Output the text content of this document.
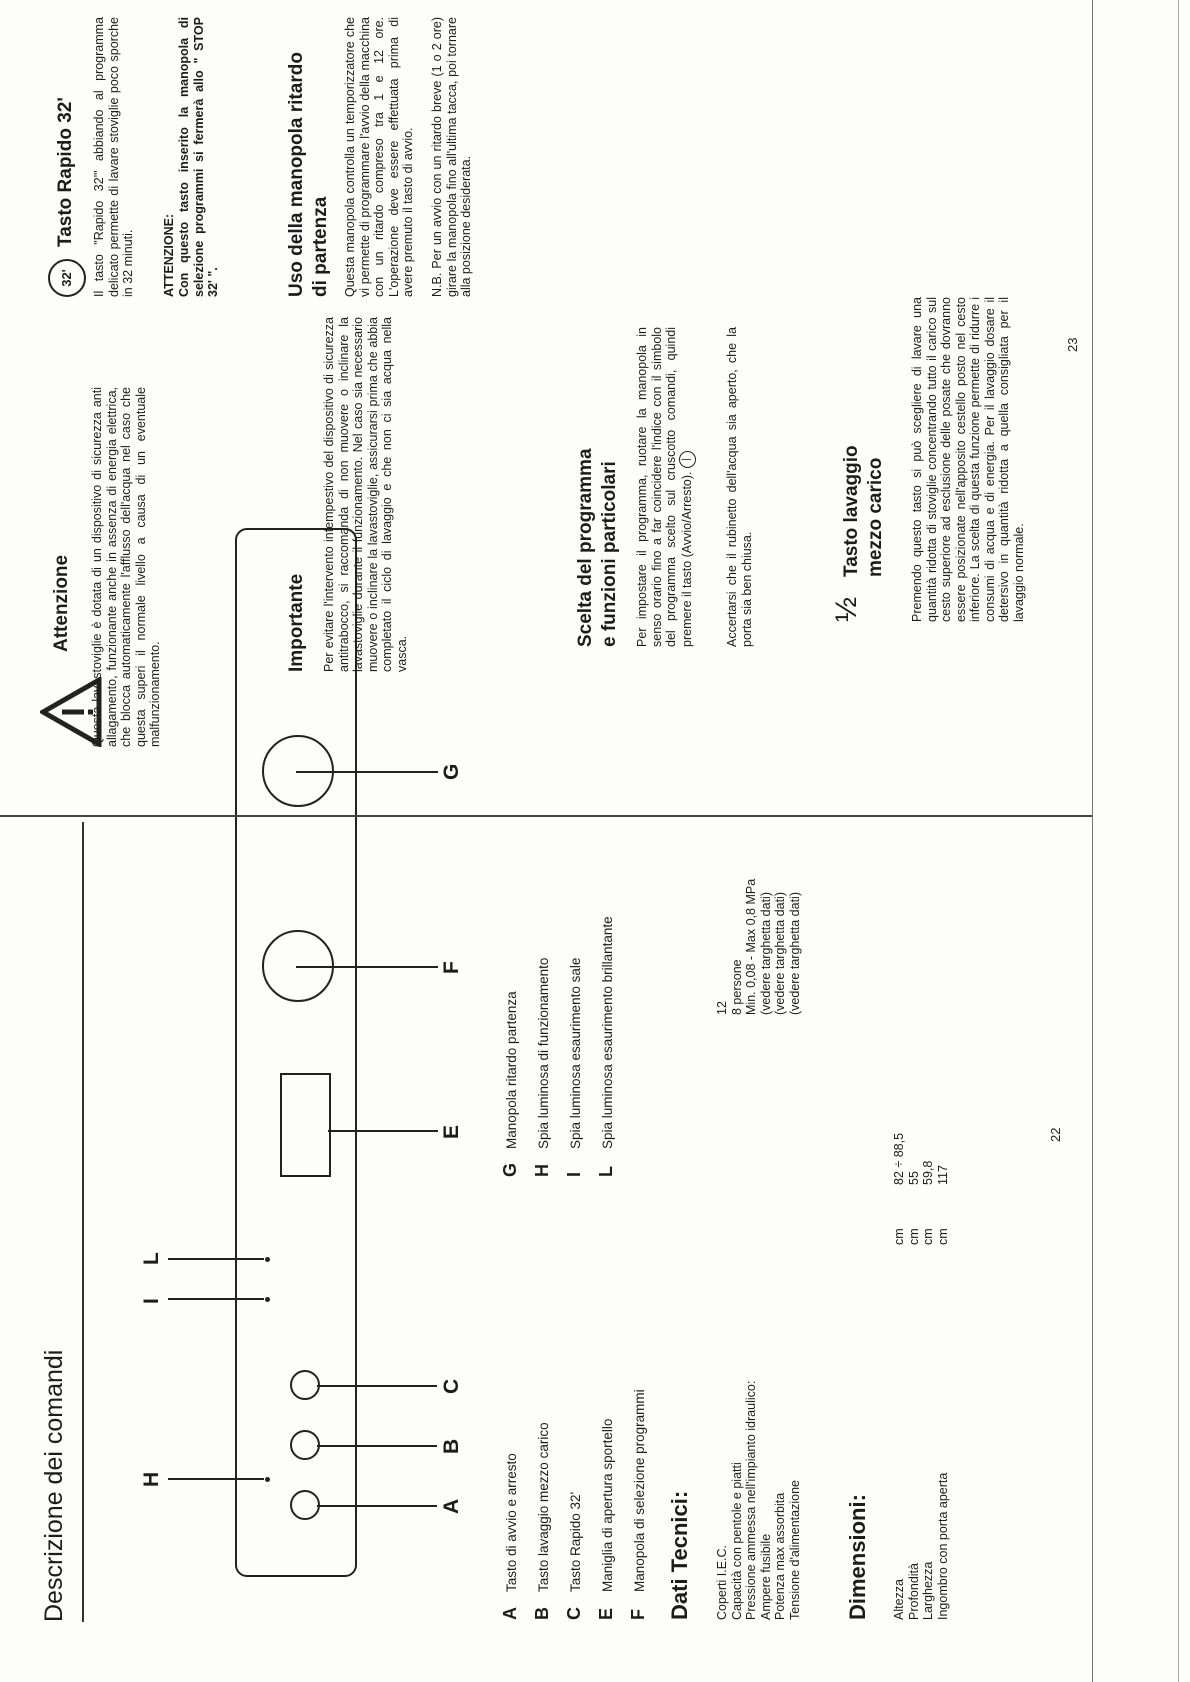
Descrizione dei comandi	H
I
L
A
B
C
E
F
G
ATasto di avvio e arresto
BTasto lavaggio mezzo carico
CTasto Rapido 32'
EManiglia di apertura sportello
FManopola di selezione programmi
GManopola ritardo partenza
HSpia luminosa di funzionamento
ISpia luminosa esaurimento sale
LSpia luminosa esaurimento brillantante
Dati Tecnici: Coperti I.E.C.	12
Capacità con pentole e piatti	8 persone
Pressione ammessa nell'impianto idraulico:	Min. 0,08 - Max 0,8 MPa
Ampere fusibile	(vedere targhetta dati)
Potenza max assorbita	(vedere targhetta dati)
Tensione d'alimentazione	(vedere targhetta dati)
Dimensioni: Altezza	cm	82 ÷ 88,5
Profondità	cm	55
Larghezza	cm	59,8
Ingombro con porta aperta	cm	117
22
Attenzione Questa lavastoviglie è dotata di un dispositivo di sicurezza anti allagamento, funzionante anche in assenza di energia elettrica, che blocca automaticamente l'afflusso dell'acqua nel caso che questa superi il normale livello a causa di un eventuale malfunzionamento.

Importante Per evitare l'intervento intempestivo del dispositivo di sicurezza antitrabocco, si raccomanda di non muovere o inclinare la lavastoviglie durante il funzionamento. Nel caso sia necessario muovere o inclinare la lavastoviglie, assicurarsi prima che abbia completato il ciclo di lavaggio e che non ci sia acqua nella vasca.

Scelta del programma e funzioni particolari Per impostare il programma, ruotare la manopola in senso orario fino a far coincidere l'indice con il simbolo del programma scelto sul cruscotto comandi, quindi premere il tasto (Avvio/Arresto). |	Accertarsi che il rubinetto dell'acqua sia aperto, che la porta sia ben chiusa.	½
Tasto lavaggio mezzo carico Premendo questo tasto si può scegliere di lavare una quantità ridotta di stoviglie concentrando tutto il carico sul cesto superiore ad esclusione delle posate che dovranno essere posizionate nell'apposito cestello posto nel cesto inferiore. La scelta di questa funzione permette di ridurre i consumi di acqua e di energia. Per il lavaggio dosare il detersivo in quantità ridotta a quella consigliata per il lavaggio normale.

32'
Tasto Rapido 32' Il tasto "Rapido 32'" abbiando al programma delicato permette di lavare stoviglie poco sporche in 32 minuti. ATTENZIONE: Con questo tasto inserito la manopola di selezione programmi si fermerà allo " STOP 32' ".	Uso della manopola ritardo di partenza Questa manopola controlla un temporizzatore che vi permette di programmare l'avvio della macchina con un ritardo compreso tra 1 e 12 ore. L'operazione deve essere effettuata prima di avere premuto il tasto di avvio. N.B. Per un avvio con un ritardo breve (1 o 2 ore) girare la manopola fino all'ultima tacca, poi tornare alla posizione desiderata.

23
